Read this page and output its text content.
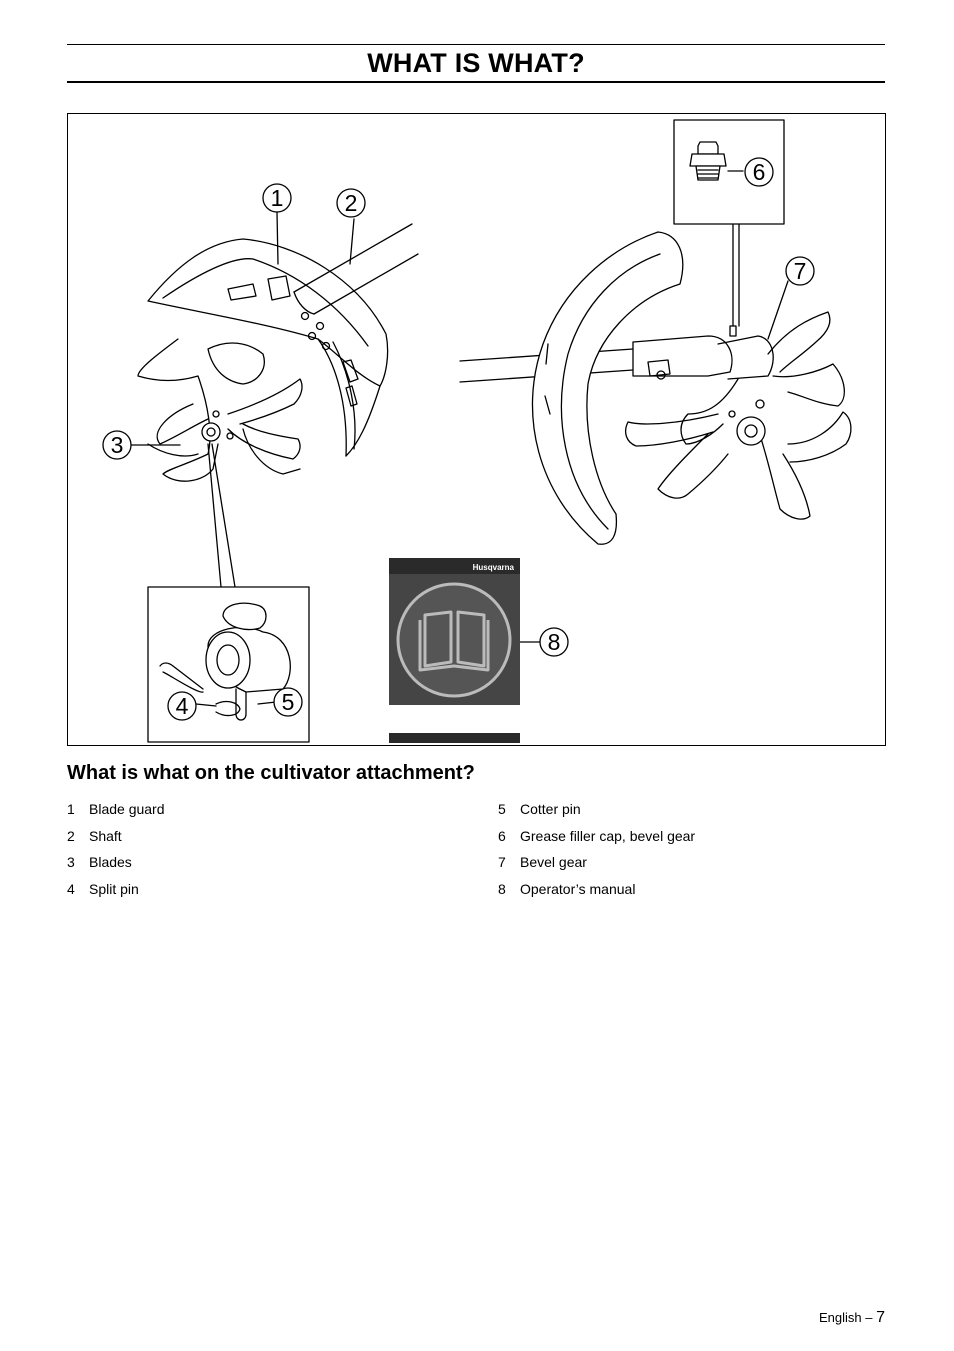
WHAT IS WHAT?
Husqvarna
1	2
3
4	5
6
7
8
What is what on the cultivator attachment?
1 Blade guard
2 Shaft
3 Blades
4 Split pin
5 Cotter pin
6 Grease filler cap, bevel gear
7 Bevel gear
8 Operator’s manual
English – 7
